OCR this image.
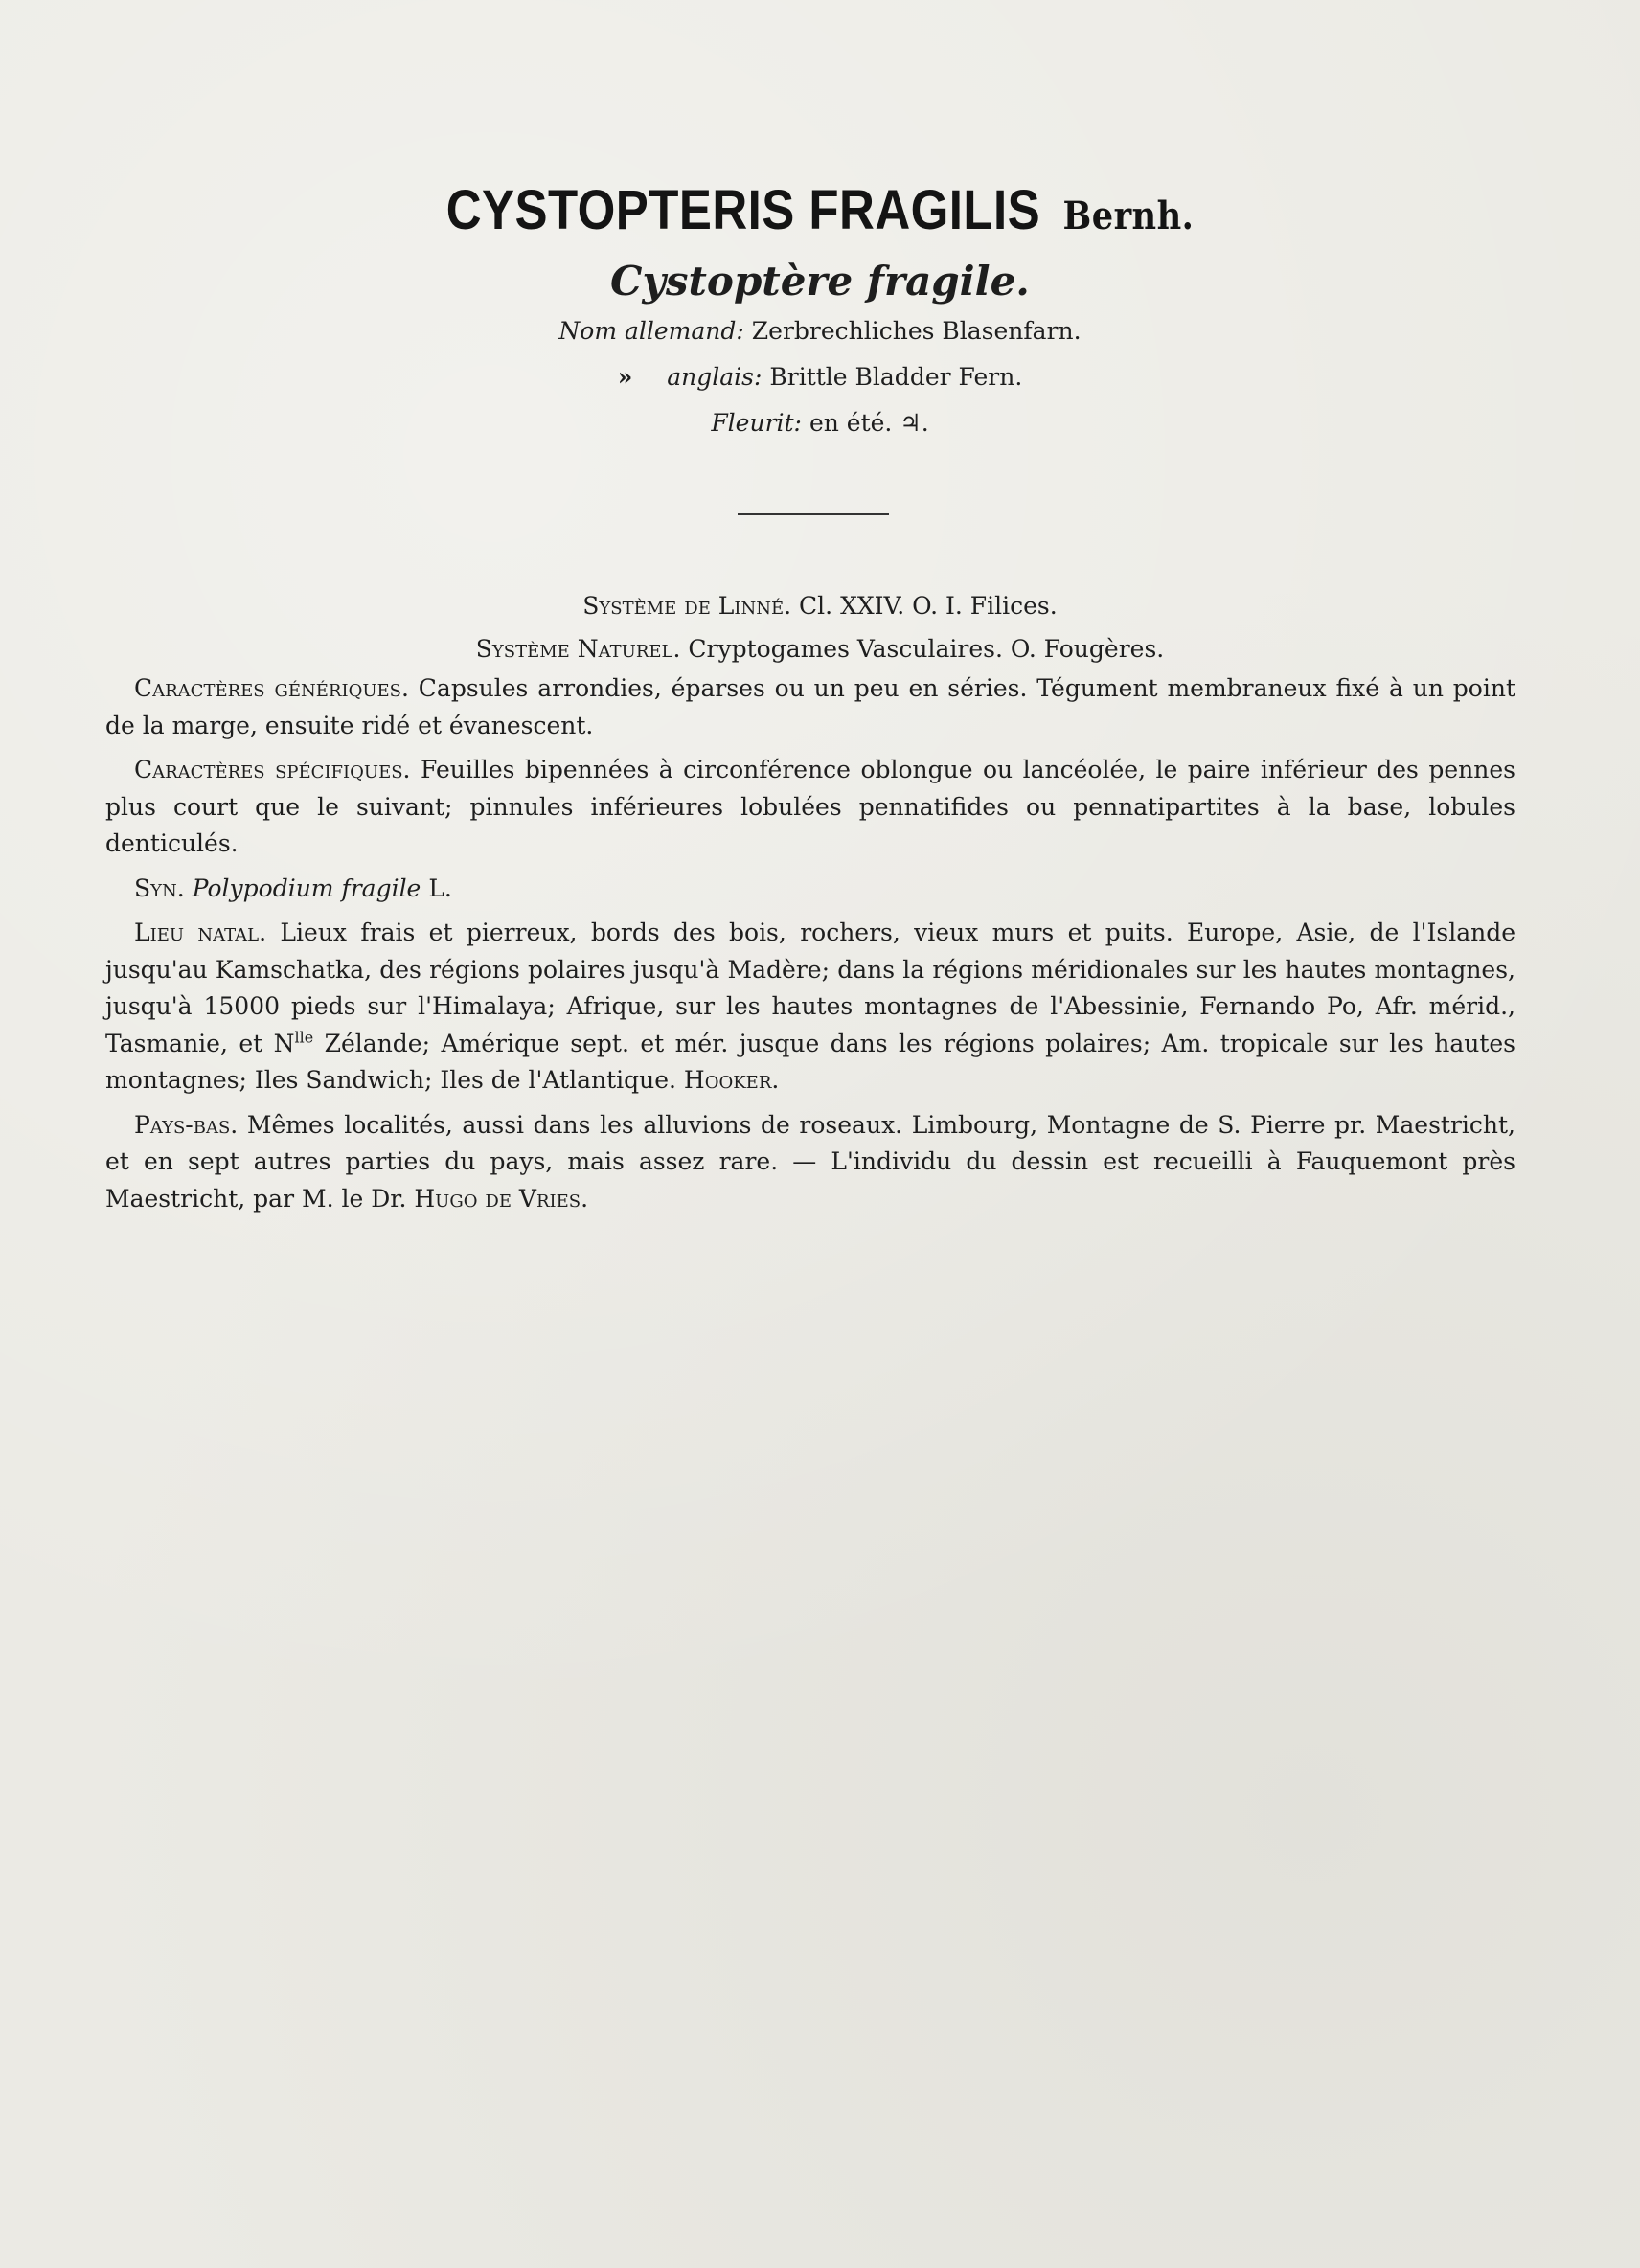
CYSTOPTERIS FRAGILIS Bernh.
Cystoptère fragile.
Nom allemand: Zerbrechliches Blasenfarn.
» anglais: Brittle Bladder Fern.
Fleurit: en été. ♃.
Système de Linné. Cl. XXIV. O. I. Filices.
Système Naturel. Cryptogames Vasculaires. O. Fougères.

Caractères génériques. Capsules arrondies, éparses ou un peu en séries. Tégument membraneux fixé à un point de la marge, ensuite ridé et évanescent.

Caractères spécifiques. Feuilles bipennées à circonférence oblongue ou lancéolée, le paire inférieur des pennes plus court que le suivant; pinnules inférieures lobulées pennatifides ou pennatipartites à la base, lobules denticulés.

Syn. Polypodium fragile L.

Lieu natal. Lieux frais et pierreux, bords des bois, rochers, vieux murs et puits. Europe, Asie, de l'Islande jusqu'au Kamschatka, des régions polaires jusqu'à Madère; dans la régions méridionales sur les hautes montagnes, jusqu'à 15000 pieds sur l'Himalaya; Afrique, sur les hautes montagnes de l'Abessinie, Fernando Po, Afr. mérid., Tasmanie, et $N^{lle}$ Zélande; Amérique sept. et mér. jusque dans les régions polaires; Am. tropicale sur les hautes montagnes; Iles Sandwich; Iles de l'Atlantique. Hooker.

Pays-bas. Mêmes localités, aussi dans les alluvions de roseaux. Limbourg, Montagne de S. Pierre pr. Maestricht, et en sept autres parties du pays, mais assez rare. — L'individu du dessin est recueilli à Fauquemont près Maestricht, par M. le Dr. Hugo de Vries.
